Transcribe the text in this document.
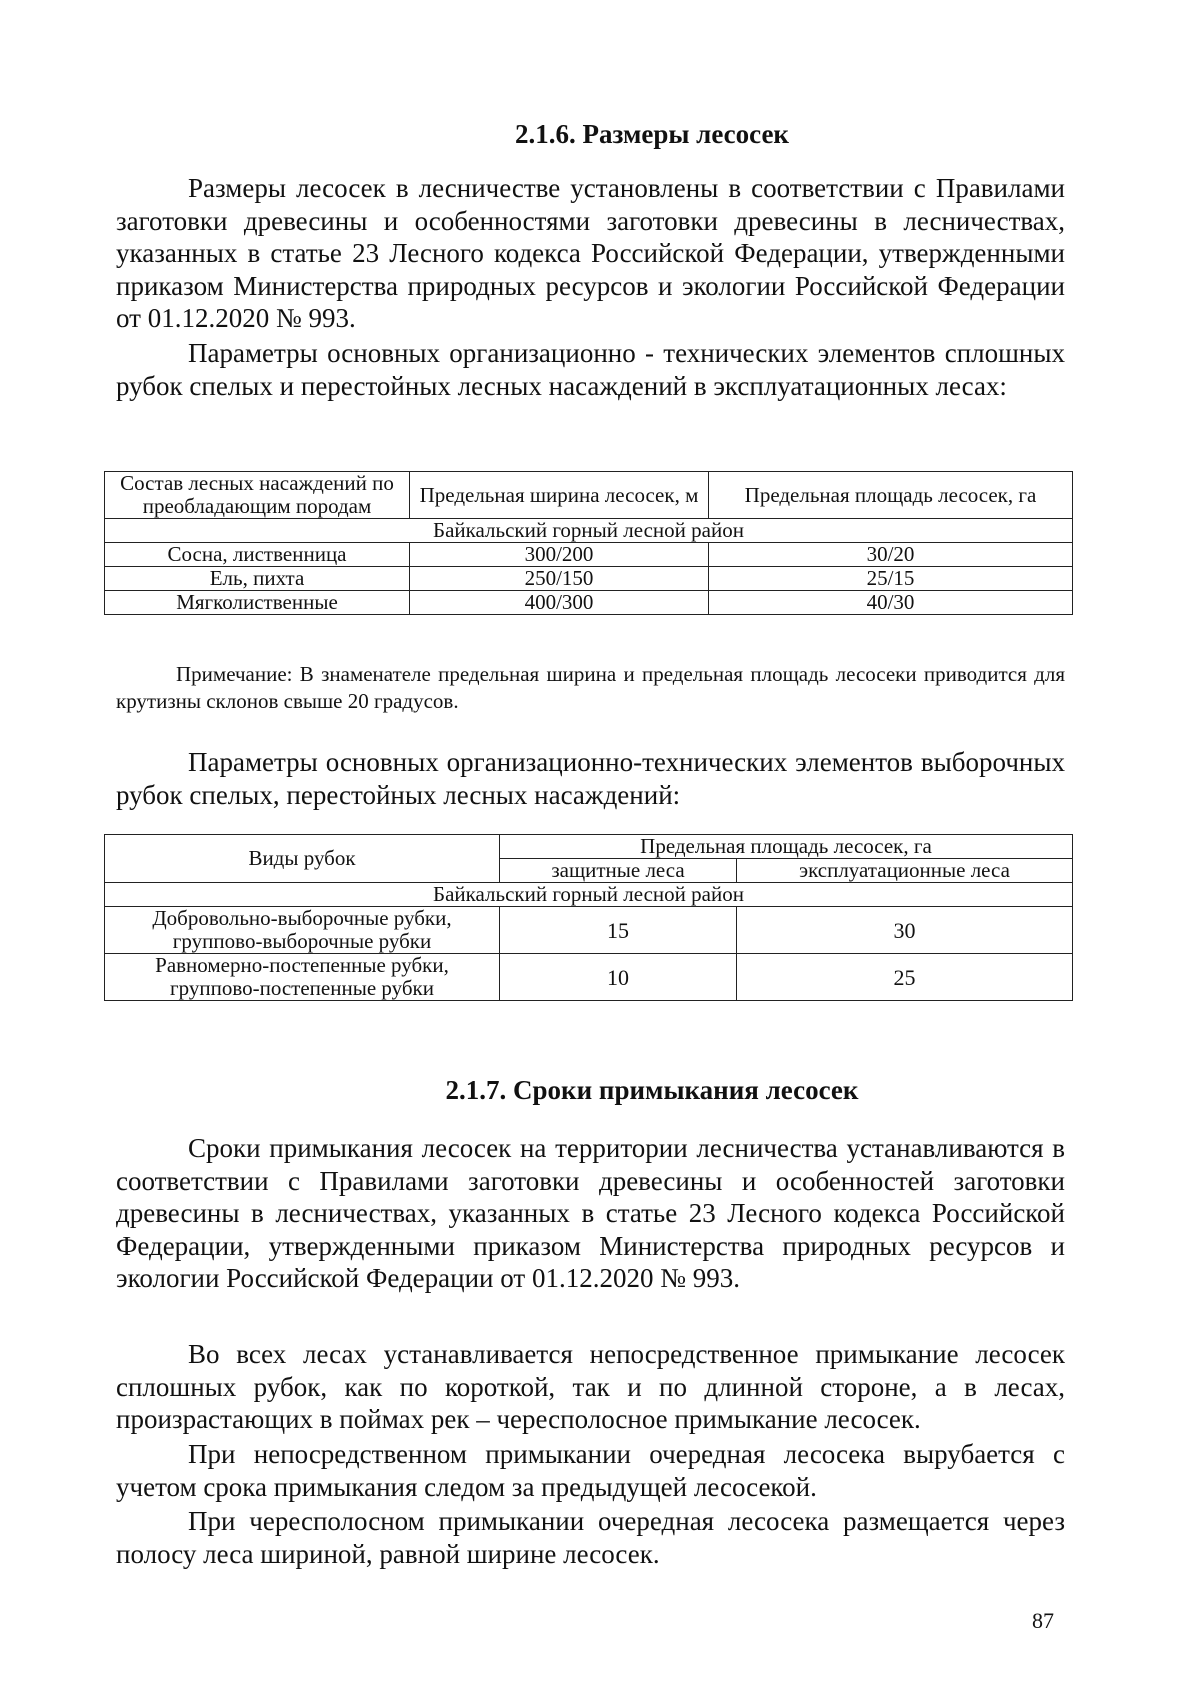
2.1.6. Размеры лесосек

Размеры лесосек в лесничестве установлены в соответствии с Правилами заготовки древесины и особенностями заготовки древесины в лесничествах, указанных в статье 23 Лесного кодекса Российской Федерации, утвержденными приказом Министерства природных ресурсов и экологии Российской Федерации от 01.12.2020 № 993.

Параметры основных организационно - технических элементов сплошных рубок спелых и перестойных лесных насаждений в эксплуатационных лесах:

Состав лесных насаждений по преобладающим породам	Предельная ширина лесосек, м	Предельная площадь лесосек, га
Байкальский горный лесной район		
Сосна, лиственница	300/200	30/20
Ель, пихта	250/150	25/15
Мягколиственные	400/300	40/30

Примечание: В знаменателе предельная ширина и предельная площадь лесосеки приводится для крутизны склонов свыше 20 градусов.

Параметры основных организационно-технических элементов выборочных рубок спелых, перестойных лесных насаждений:

Виды рубок	Предельная площадь лесосек, га	
	защитные леса	эксплуатационные леса
Байкальский горный лесной район		
Добровольно-выборочные рубки, групповo-выборочные рубки	15	30
Равномерно-постепенные рубки, группово-постепенные рубки	10	25
2.1.7. Сроки примыкания лесосек

Сроки примыкания лесосек на территории лесничества устанавливаются в соответствии с Правилами заготовки древесины и особенностей заготовки древесины в лесничествах, указанных в статье 23 Лесного кодекса Российской Федерации, утвержденными приказом Министерства природных ресурсов и экологии Российской Федерации от 01.12.2020 № 993.

Во всех лесах устанавливается непосредственное примыкание лесосек сплошных рубок, как по короткой, так и по длинной стороне, а в лесах, произрастающих в поймах рек – чересполосное примыкание лесосек.

При непосредственном примыкании очередная лесосека вырубается с учетом срока примыкания следом за предыдущей лесосекой.

При чересполосном примыкании очередная лесосека размещается через полосу леса шириной, равной ширине лесосек.

87
